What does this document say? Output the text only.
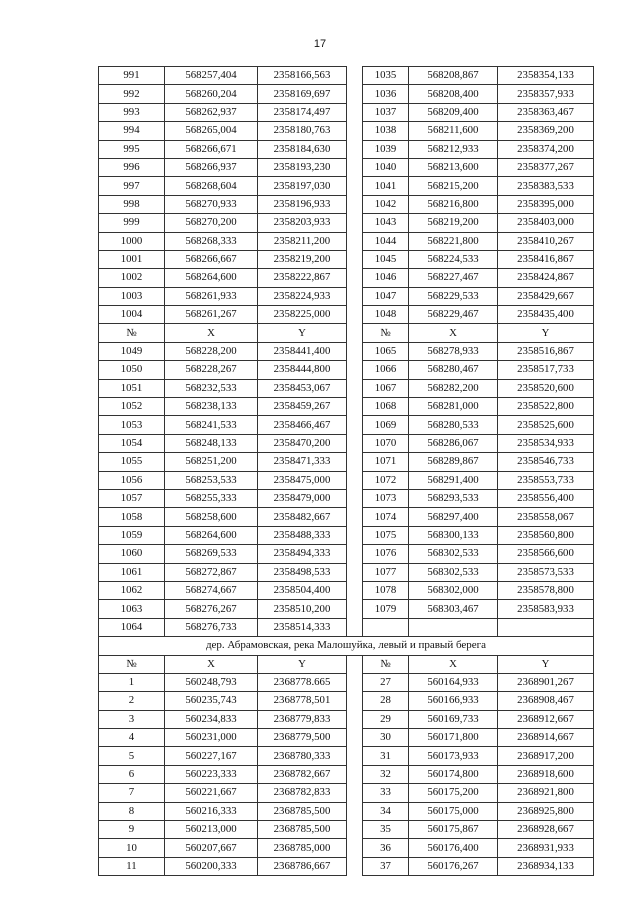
17
991	568257,404	2358166,563		1035	568208,867	2358354,133
992	568260,204	2358169,697		1036	568208,400	2358357,933
993	568262,937	2358174,497		1037	568209,400	2358363,467
994	568265,004	2358180,763		1038	568211,600	2358369,200
995	568266,671	2358184,630		1039	568212,933	2358374,200
996	568266,937	2358193,230		1040	568213,600	2358377,267
997	568268,604	2358197,030		1041	568215,200	2358383,533
998	568270,933	2358196,933		1042	568216,800	2358395,000
999	568270,200	2358203,933		1043	568219,200	2358403,000
1000	568268,333	2358211,200		1044	568221,800	2358410,267
1001	568266,667	2358219,200		1045	568224,533	2358416,867
1002	568264,600	2358222,867		1046	568227,467	2358424,867
1003	568261,933	2358224,933		1047	568229,533	2358429,667
1004	568261,267	2358225,000		1048	568229,467	2358435,400
№	X	Y		№	X	Y
1049	568228,200	2358441,400		1065	568278,933	2358516,867
1050	568228,267	2358444,800		1066	568280,467	2358517,733
1051	568232,533	2358453,067		1067	568282,200	2358520,600
1052	568238,133	2358459,267		1068	568281,000	2358522,800
1053	568241,533	2358466,467		1069	568280,533	2358525,600
1054	568248,133	2358470,200		1070	568286,067	2358534,933
1055	568251,200	2358471,333		1071	568289,867	2358546,733
1056	568253,533	2358475,000		1072	568291,400	2358553,733
1057	568255,333	2358479,000		1073	568293,533	2358556,400
1058	568258,600	2358482,667		1074	568297,400	2358558,067
1059	568264,600	2358488,333		1075	568300,133	2358560,800
1060	568269,533	2358494,333		1076	568302,533	2358566,600
1061	568272,867	2358498,533		1077	568302,533	2358573,533
1062	568274,667	2358504,400		1078	568302,000	2358578,800
1063	568276,267	2358510,200		1079	568303,467	2358583,933
1064	568276,733	2358514,333				
дер. Абрамовская, река Малошуйка, левый и правый берега						
№	X	Y		№	X	Y
1	560248,793	2368778.665		27	560164,933	2368901,267
2	560235,743	2368778,501		28	560166,933	2368908,467
3	560234,833	2368779,833		29	560169,733	2368912,667
4	560231,000	2368779,500		30	560171,800	2368914,667
5	560227,167	2368780,333		31	560173,933	2368917,200
6	560223,333	2368782,667		32	560174,800	2368918,600
7	560221,667	2368782,833		33	560175,200	2368921,800
8	560216,333	2368785,500		34	560175,000	2368925,800
9	560213,000	2368785,500		35	560175,867	2368928,667
10	560207,667	2368785,000		36	560176,400	2368931,933
11	560200,333	2368786,667		37	560176,267	2368934,133
